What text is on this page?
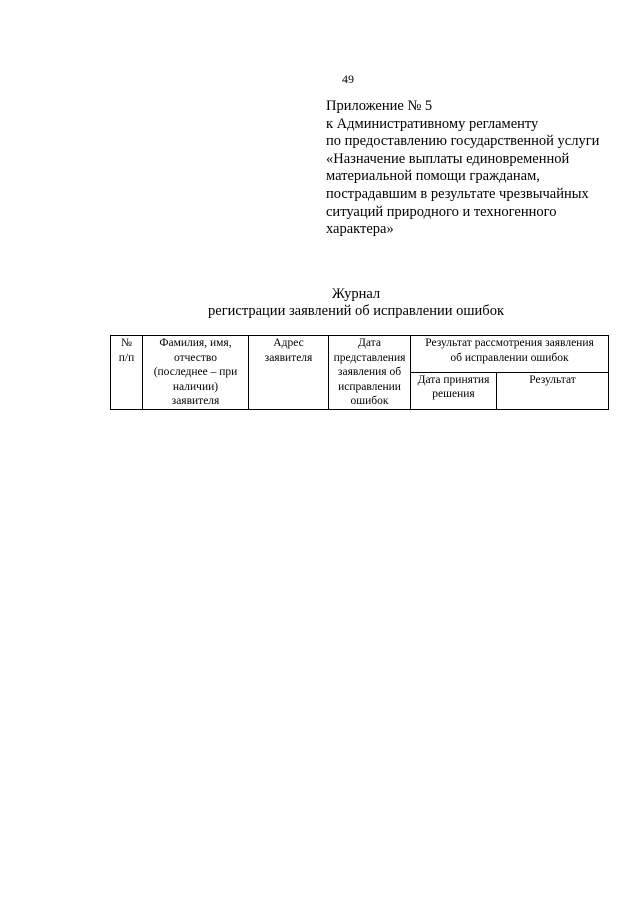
49
Приложение № 5
к Административному регламенту
по предоставлению государственной услуги
«Назначение выплаты единовременной
материальной помощи гражданам,
пострадавшим в результате чрезвычайных
ситуаций природного и техногенного
характера»
Журнал
регистрации заявлений об исправлении ошибок
№
п/п	Фамилия, имя,
отчество
(последнее – при
наличии)
заявителя	Адрес
заявителя	Дата
представления
заявления об
исправлении
ошибок	Результат рассмотрения заявления
об исправлении ошибок	

				Дата принятия
решения	Результат
